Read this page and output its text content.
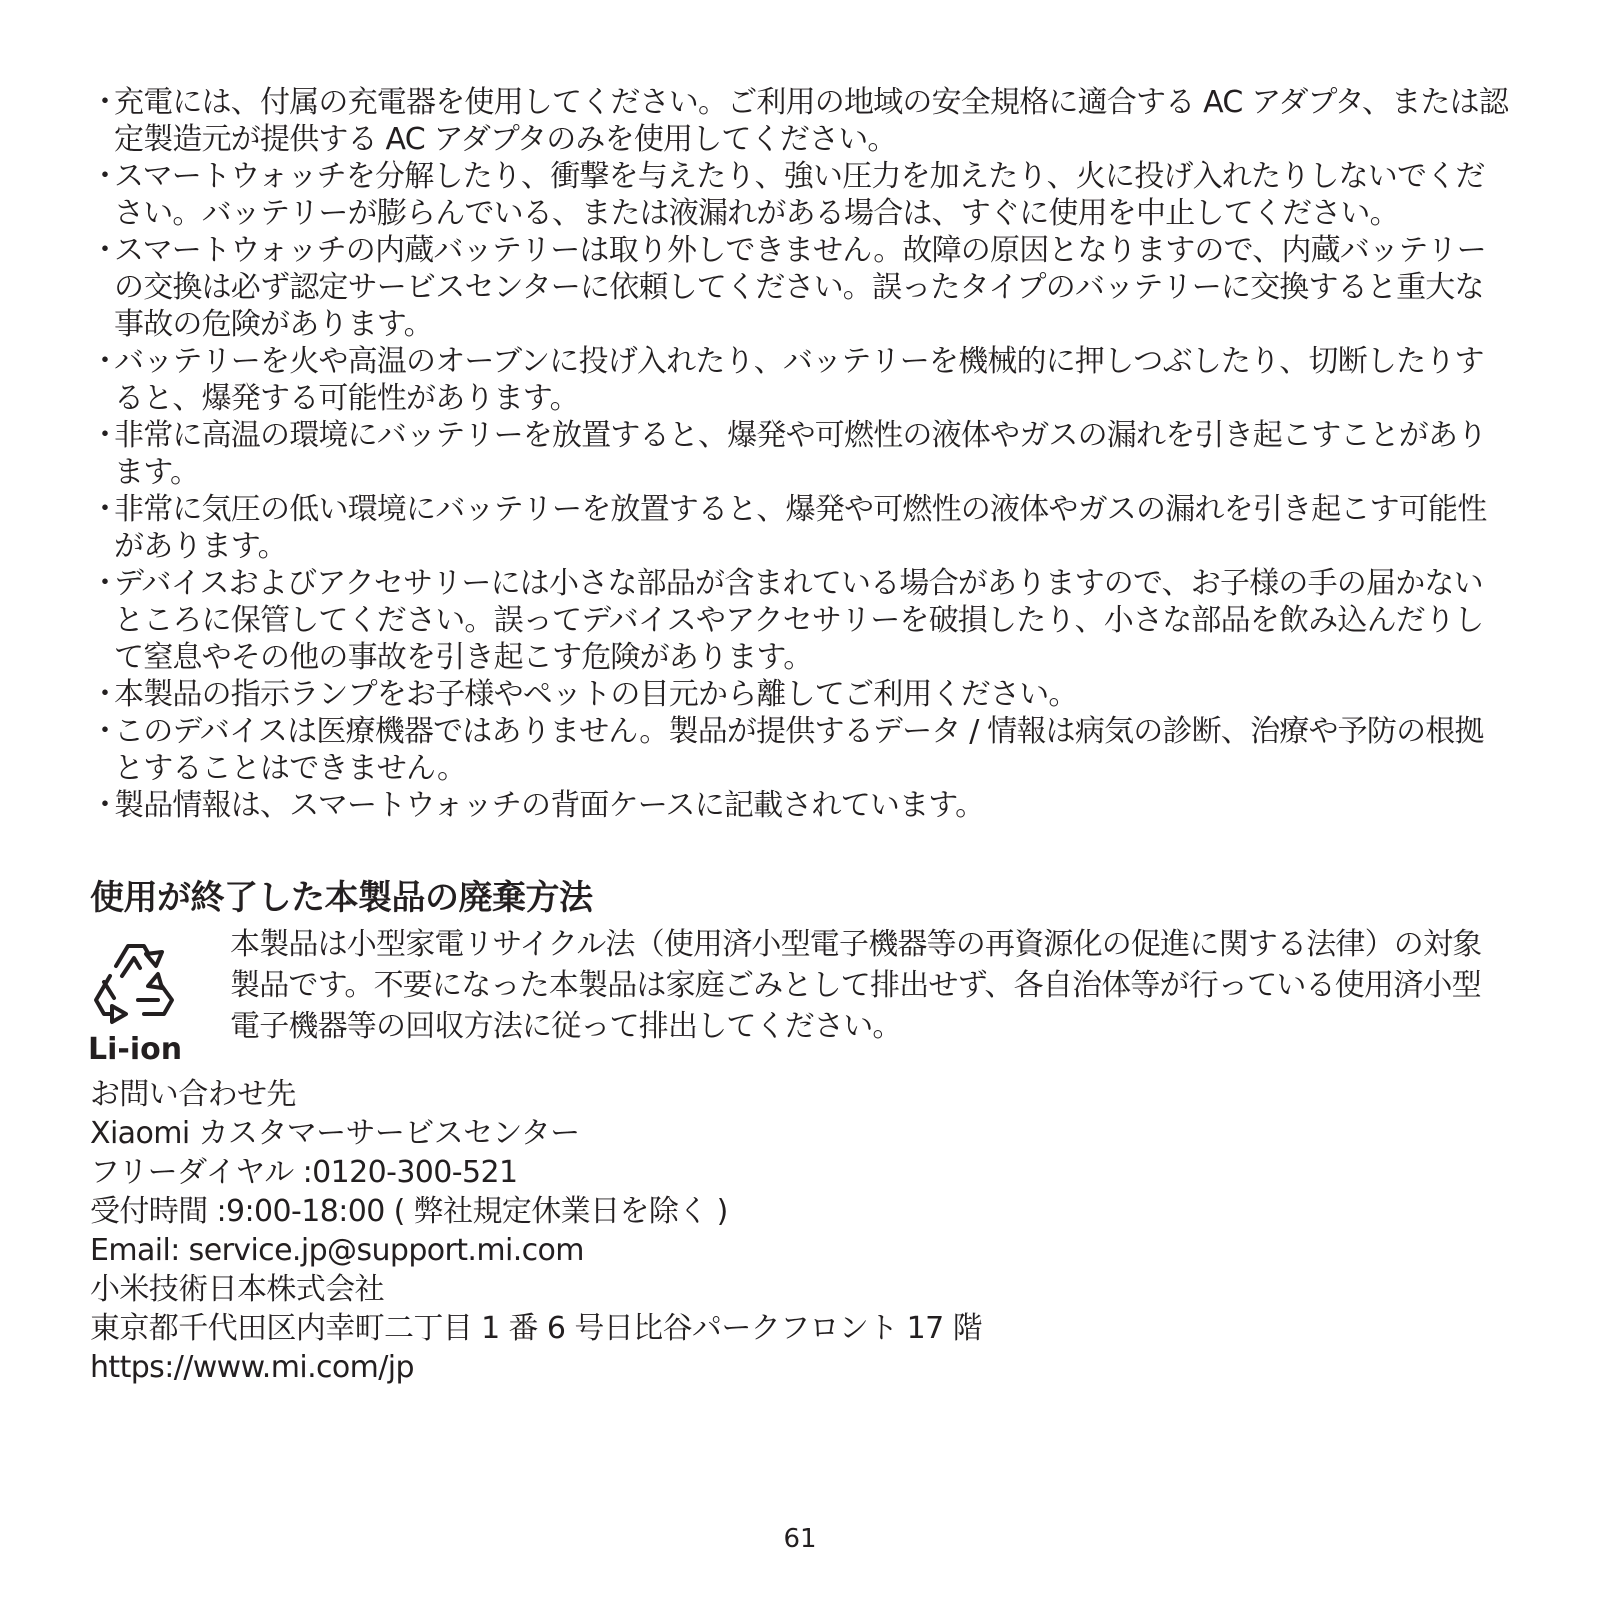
・
充電には、付属の充電器を使用してください。ご利用の地域の安全規格に適合する AC アダプタ、または認定製造元が提供する AC アダプタのみを使用してください。
・
スマートウォッチを分解したり、衝撃を与えたり、強い圧力を加えたり、火に投げ入れたりしないでください。バッテリーが膨らんでいる、または液漏れがある場合は、すぐに使用を中止してください。
・
スマートウォッチの内蔵バッテリーは取り外しできません。故障の原因となりますので、内蔵バッテリーの交換は必ず認定サービスセンターに依頼してください。誤ったタイプのバッテリーに交換すると重大な事故の危険があります。
・
バッテリーを火や高温のオーブンに投げ入れたり、バッテリーを機械的に押しつぶしたり、切断したりすると、爆発する可能性があります。
・
非常に高温の環境にバッテリーを放置すると、爆発や可燃性の液体やガスの漏れを引き起こすことがあります。
・
非常に気圧の低い環境にバッテリーを放置すると、爆発や可燃性の液体やガスの漏れを引き起こす可能性があります。
・
デバイスおよびアクセサリーには小さな部品が含まれている場合がありますので、お子様の手の届かないところに保管してください。誤ってデバイスやアクセサリーを破損したり、小さな部品を飲み込んだりして窒息やその他の事故を引き起こす危険があります。
・
本製品の指示ランプをお子様やペットの目元から離してご利用ください。
・
このデバイスは医療機器ではありません。製品が提供するデータ / 情報は病気の診断、治療や予防の根拠とすることはできません。
・
製品情報は、スマートウォッチの背面ケースに記載されています。
使用が終了した本製品の廃棄方法
Li-ion

本製品は小型家電リサイクル法（使用済小型電子機器等の再資源化の促進に関する法律）の対象製品です。不要になった本製品は家庭ごみとして排出せず、各自治体等が行っている使用済小型電子機器等の回収方法に従って排出してください。

お問い合わせ先
Xiaomi カスタマーサービスセンター
フリーダイヤル :0120-300-521
受付時間 :9:00-18:00 ( 弊社規定休業日を除く )
Email: service.jp@support.mi.com
小米技術日本株式会社
東京都千代田区内幸町二丁目 1 番 6 号日比谷パークフロント 17 階
https://www.mi.com/jp
61
